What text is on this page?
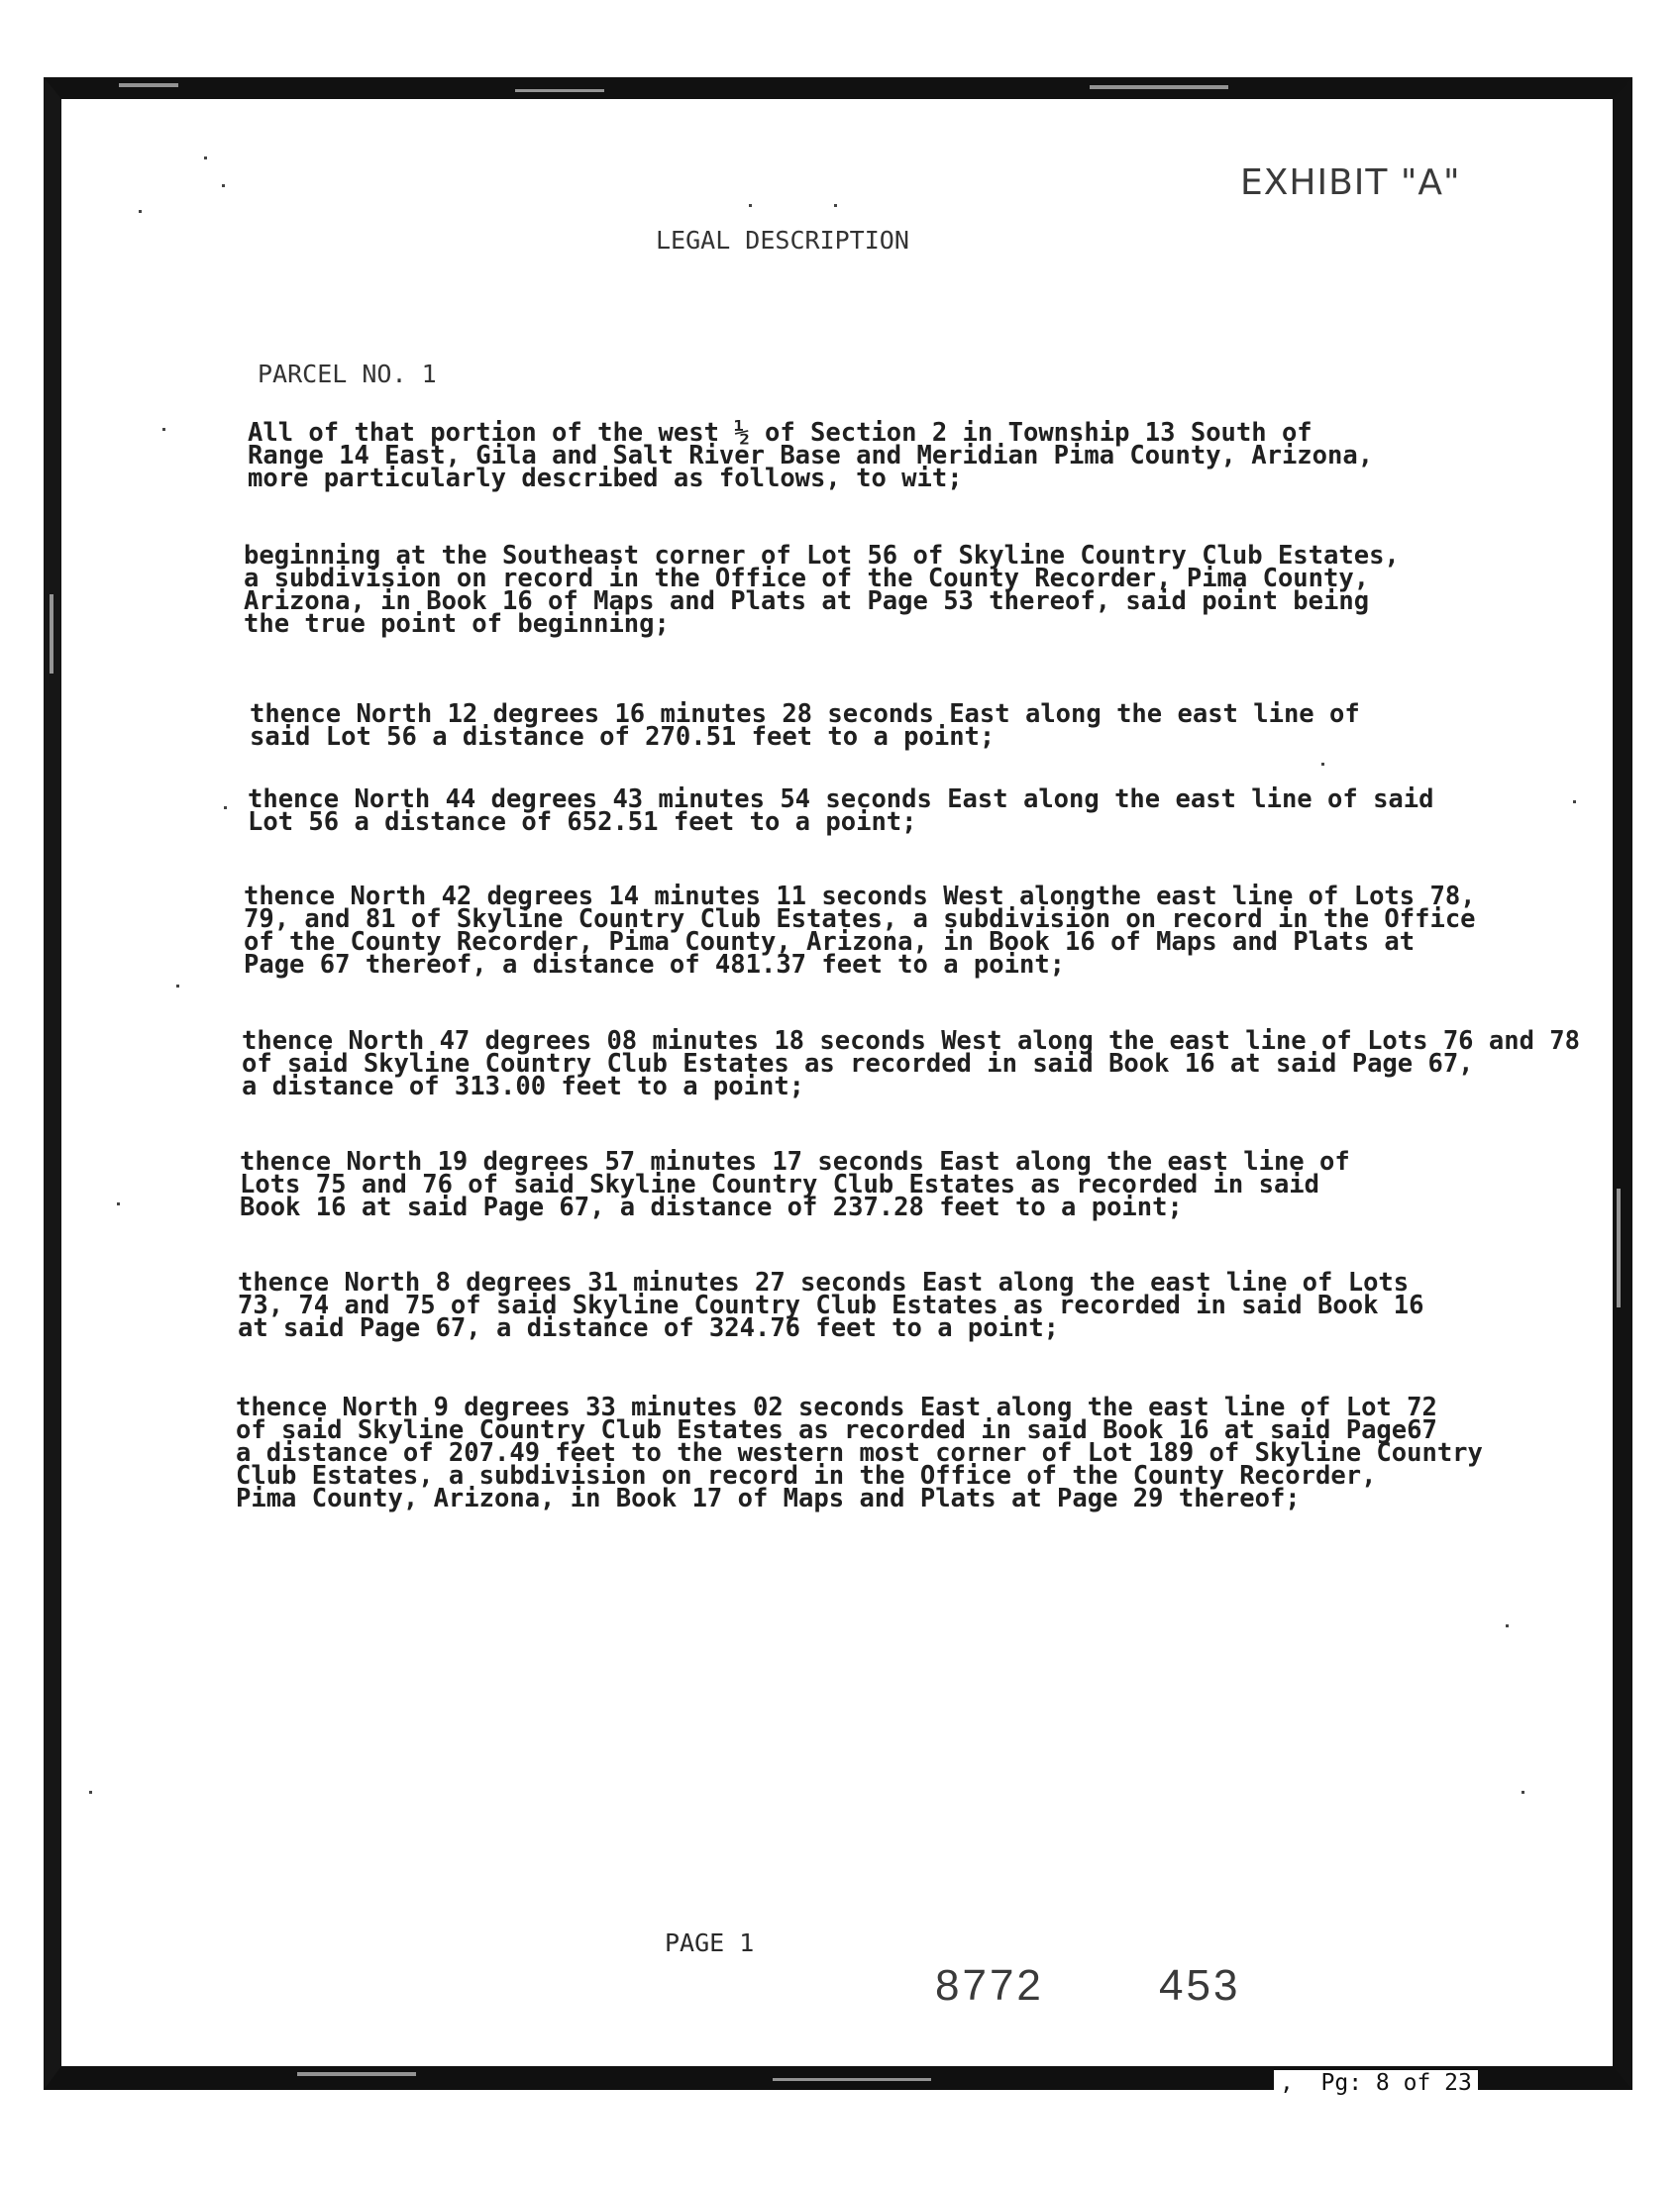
EXHIBIT "A"
LEGAL DESCRIPTION
PARCEL NO. 1
All of that portion of the west ½ of Section 2 in Township 13 South of
Range 14 East, Gila and Salt River Base and Meridian Pima County, Arizona,
more particularly described as follows, to wit;
beginning at the Southeast corner of Lot 56 of Skyline Country Club Estates,
a subdivision on record in the Office of the County Recorder, Pima County,
Arizona, in Book 16 of Maps and Plats at Page 53 thereof, said point being
the true point of beginning;
thence North 12 degrees 16 minutes 28 seconds East along the east line of
said Lot 56 a distance of 270.51 feet to a point;
thence North 44 degrees 43 minutes 54 seconds East along the east line of said
Lot 56 a distance of 652.51 feet to a point;
thence North 42 degrees 14 minutes 11 seconds West alongthe east line of Lots 78,
79, and 81 of Skyline Country Club Estates, a subdivision on record in the Office
of the County Recorder, Pima County, Arizona, in Book 16 of Maps and Plats at
Page 67 thereof, a distance of 481.37 feet to a point;
thence North 47 degrees 08 minutes 18 seconds West along the east line of Lots 76 and 78
of said Skyline Country Club Estates as recorded in said Book 16 at said Page 67,
a distance of 313.00 feet to a point;
thence North 19 degrees 57 minutes 17 seconds East along the east line of
Lots 75 and 76 of said Skyline Country Club Estates as recorded in said
Book 16 at said Page 67, a distance of 237.28 feet to a point;
thence North 8 degrees 31 minutes 27 seconds East along the east line of Lots
73, 74 and 75 of said Skyline Country Club Estates as recorded in said Book 16
at said Page 67, a distance of 324.76 feet to a point;
thence North 9 degrees 33 minutes 02 seconds East along the east line of Lot 72
of said Skyline Country Club Estates as recorded in said Book 16 at said Page67
a distance of 207.49 feet to the western most corner of Lot 189 of Skyline Country
Club Estates, a subdivision on record in the Office of the County Recorder,
Pima County, Arizona, in Book 17 of Maps and Plats at Page 29 thereof;
PAGE 1
8772	453
,  Pg: 8 of 23
